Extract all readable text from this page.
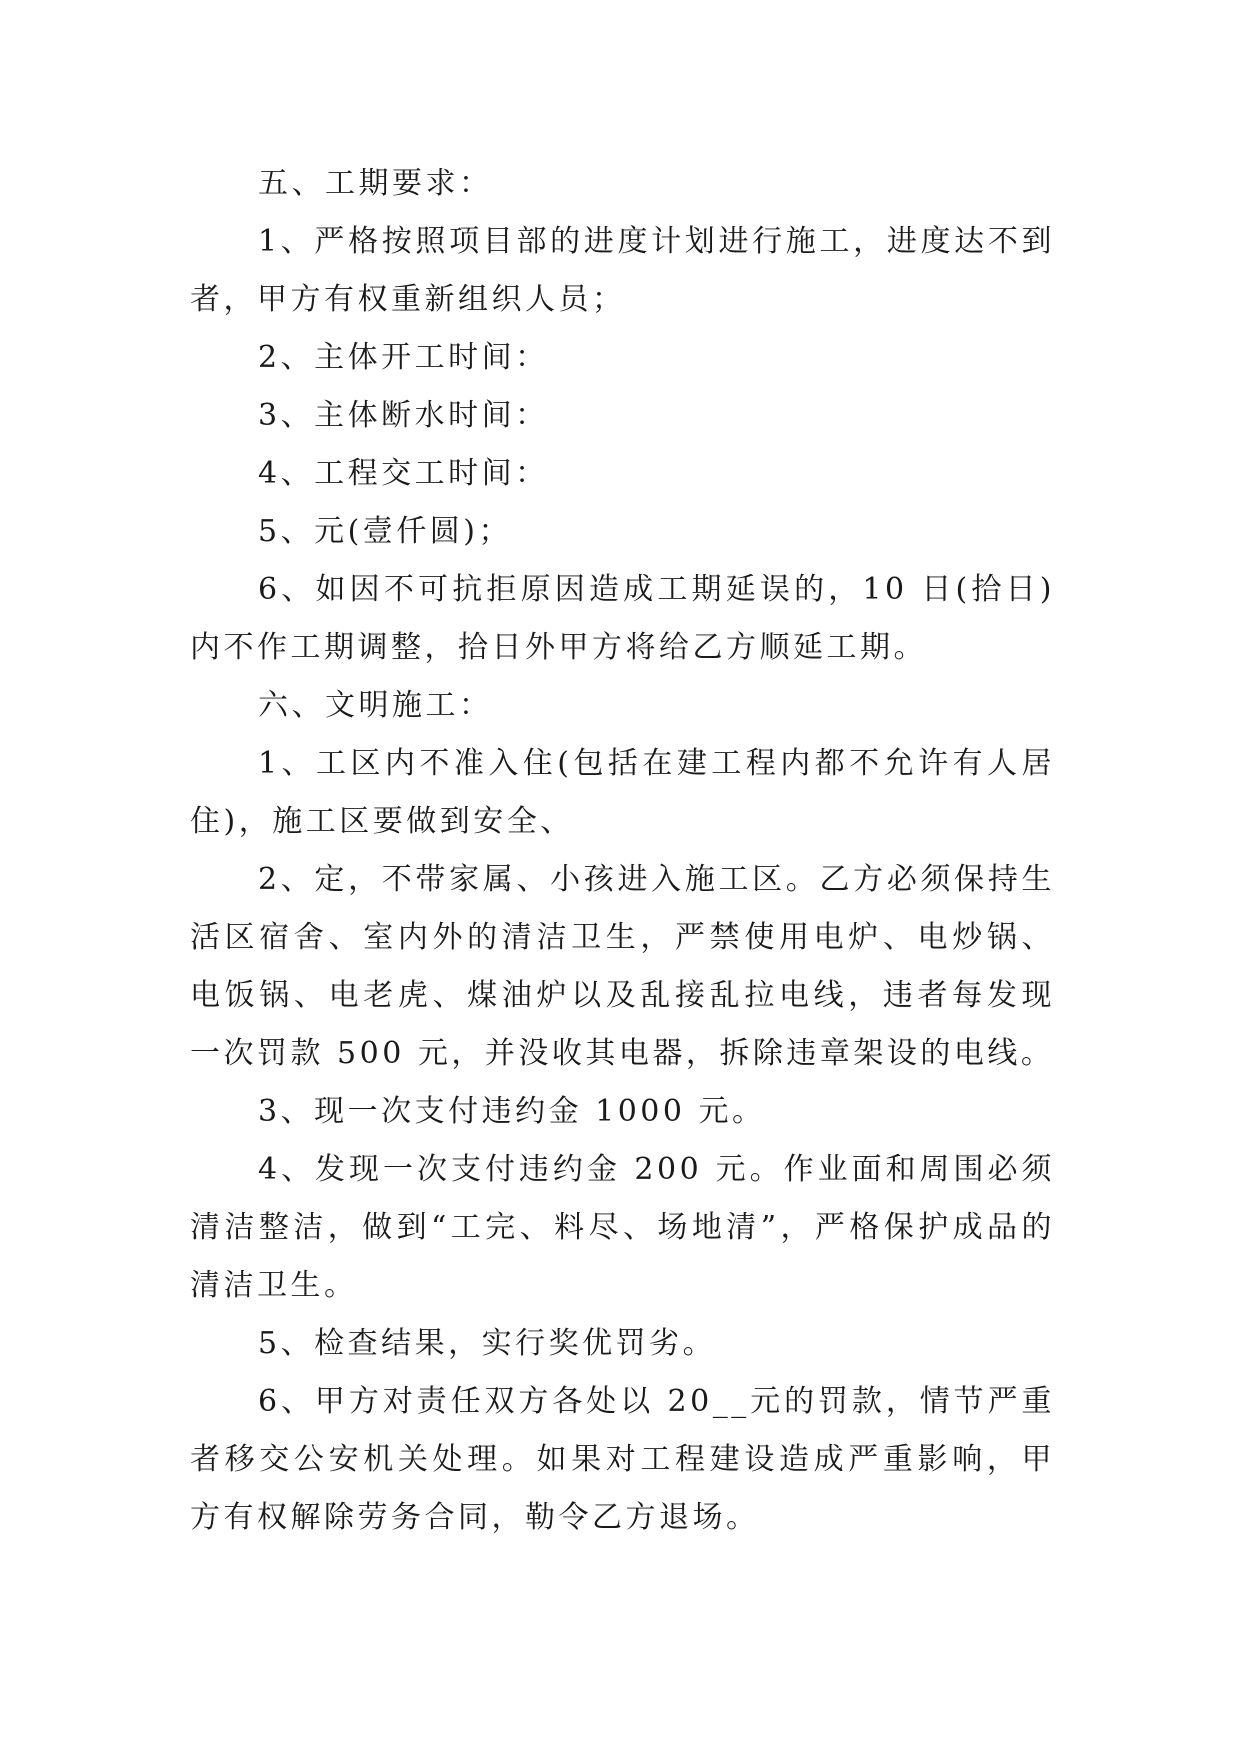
五、工期要求：

1、严格按照项目部的进度计划进行施工，进度达不到者，甲方有权重新组织人员；

2、主体开工时间：

3、主体断水时间：

4、工程交工时间：

5、元(壹仟圆)；

6、如因不可抗拒原因造成工期延误的，10 日(拾日)内不作工期调整，拾日外甲方将给乙方顺延工期。

六、文明施工：

1、工区内不准入住(包括在建工程内都不允许有人居住)，施工区要做到安全、

2、定，不带家属、小孩进入施工区。乙方必须保持生活区宿舍、室内外的清洁卫生，严禁使用电炉、电炒锅、电饭锅、电老虎、煤油炉以及乱接乱拉电线，违者每发现一次罚款 500 元，并没收其电器，拆除违章架设的电线。

3、现一次支付违约金 1000 元。

4、发现一次支付违约金 200 元。作业面和周围必须清洁整洁，做到“工完、料尽、场地清”，严格保护成品的清洁卫生。

5、检查结果，实行奖优罚劣。

6、甲方对责任双方各处以 20__元的罚款，情节严重者移交公安机关处理。如果对工程建设造成严重影响，甲方有权解除劳务合同，勒令乙方退场。
